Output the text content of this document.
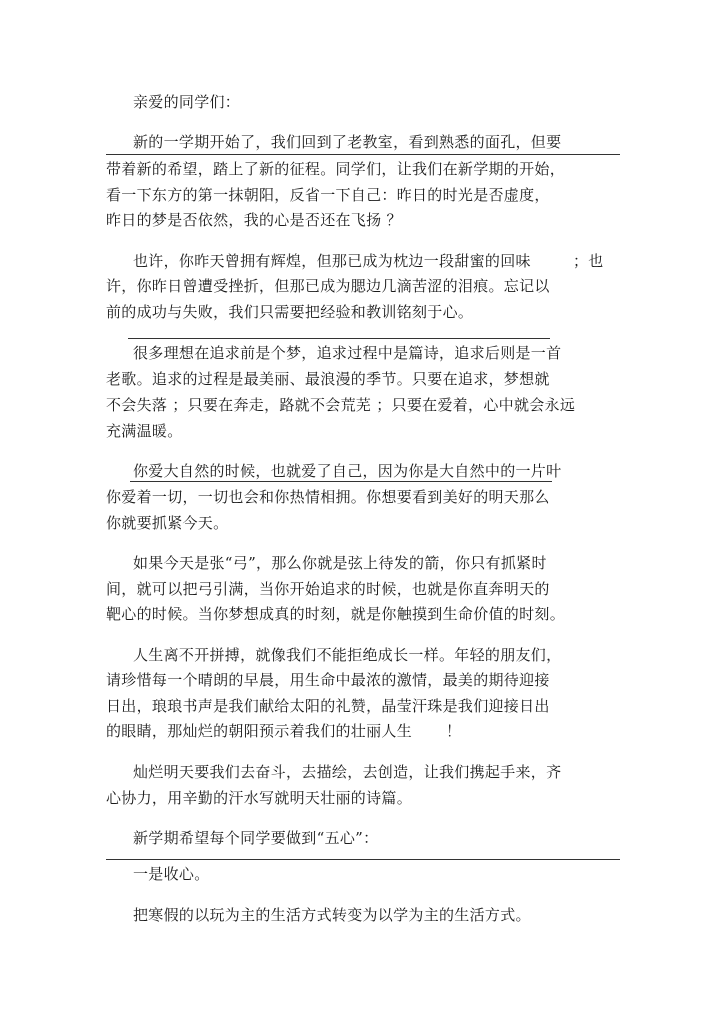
亲爱的同学们：
新的一学期开始了，我们回到了老教室，看到熟悉的面孔，但要
带着新的希望，踏上了新的征程。同学们，让我们在新学期的开始，
看一下东方的第一抹朝阳，反省一下自己：昨日的时光是否虚度，
昨日的梦是否依然，我的心是否还在飞扬 ？
也许，你昨天曾拥有辉煌，但那已成为枕边一段甜蜜的回味	；也
许，你昨日曾遭受挫折，但那已成为腮边几滴苦涩的泪痕。忘记以
前的成功与失败，我们只需要把经验和教训铭刻于心。
很多理想在追求前是个梦，追求过程中是篇诗，追求后则是一首
老歌。追求的过程是最美丽、最浪漫的季节。只要在追求，梦想就
不会失落 ；只要在奔走，路就不会荒芜 ；只要在爱着，心中就会永远
充满温暖。
你爱大自然的时候，也就爱了自己，因为你是大自然中的一片叶
你爱着一切，一切也会和你热情相拥。你想要看到美好的明天那么
你就要抓紧今天。
如果今天是张“弓”，那么你就是弦上待发的箭，你只有抓紧时
间，就可以把弓引满，当你开始追求的时候，也就是你直奔明天的
靶心的时候。当你梦想成真的时刻，就是你触摸到生命价值的时刻。
人生离不开拼搏，就像我们不能拒绝成长一样。年轻的朋友们，
请珍惜每一个晴朗的早晨，用生命中最浓的激情，最美的期待迎接
日出，琅琅书声是我们献给太阳的礼赞，晶莹汗珠是我们迎接日出
的眼睛，那灿烂的朝阳预示着我们的壮丽人生 ！
灿烂明天要我们去奋斗，去描绘，去创造，让我们携起手来，齐
心协力，用辛勤的汗水写就明天壮丽的诗篇。
新学期希望每个同学要做到“五心”：
一是收心。
把寒假的以玩为主的生活方式转变为以学为主的生活方式。
